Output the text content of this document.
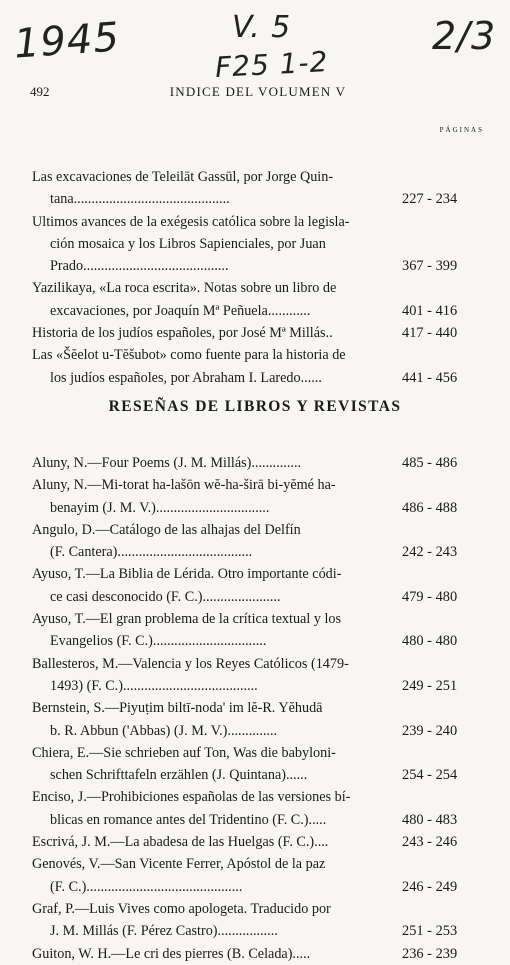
1945	V. 5
F25 1-2
2/3
492	INDICE DEL VOLUMEN V
PÁGINAS
Las excavaciones de Teleilāt Gassūl, por Jorge Quin-
tana............................................	227 - 234
Ultimos avances de la exégesis católica sobre la legisla-
ción mosaica y los Libros Sapienciales, por Juan
Prado.........................................	367 - 399
Yazilikaya, «La roca escrita». Notas sobre un libro de
excavaciones, por Joaquín Mª Peñuela............	401 - 416
Historia de los judíos españoles, por José Mª Millás..	417 - 440
Las «Šĕelot u-Tĕšubot» como fuente para la historia de
los judíos españoles, por Abraham I. Laredo......	441 - 456
RESEÑAS DE LIBROS Y REVISTAS
Aluny, N.—Four Poems (J. M. Millás)..............	485 - 486
Aluny, N.—Mi-torat ha-lašōn wĕ-ha-širā bi-yĕmé ha-
benayim (J. M. V.)................................	486 - 488
Angulo, D.—Catálogo de las alhajas del Delfín
(F. Cantera)......................................	242 - 243
Ayuso, T.—La Biblia de Lérida. Otro importante códi-
ce casi desconocido (F. C.)......................	479 - 480
Ayuso, T.—El gran problema de la crítica textual y los
Evangelios (F. C.)................................	480 - 480
Ballesteros, M.—Valencia y los Reyes Católicos (1479-
1493) (F. C.)......................................	249 - 251
Bernstein, S.—Piyuṭim biltī-noda' im lĕ-R. Yĕhudā
b. R. Abbun ('Abbas) (J. M. V.)..............	239 - 240
Chiera, E.—Sie schrieben auf Ton, Was die babyloni-
schen Schrifttafeln erzählen (J. Quintana)......	254 - 254
Enciso, J.—Prohibiciones españolas de las versiones bí-
blicas en romance antes del Tridentino (F. C.).....	480 - 483
Escrivá, J. M.—La abadesa de las Huelgas (F. C.)....	243 - 246
Genovés, V.—San Vicente Ferrer, Apóstol de la paz
(F. C.)............................................	246 - 249
Graf, P.—Luis Vives como apologeta. Traducido por
J. M. Millás (F. Pérez Castro).................	251 - 253
Guiton, W. H.—Le cri des pierres (B. Celada).....	236 - 239
